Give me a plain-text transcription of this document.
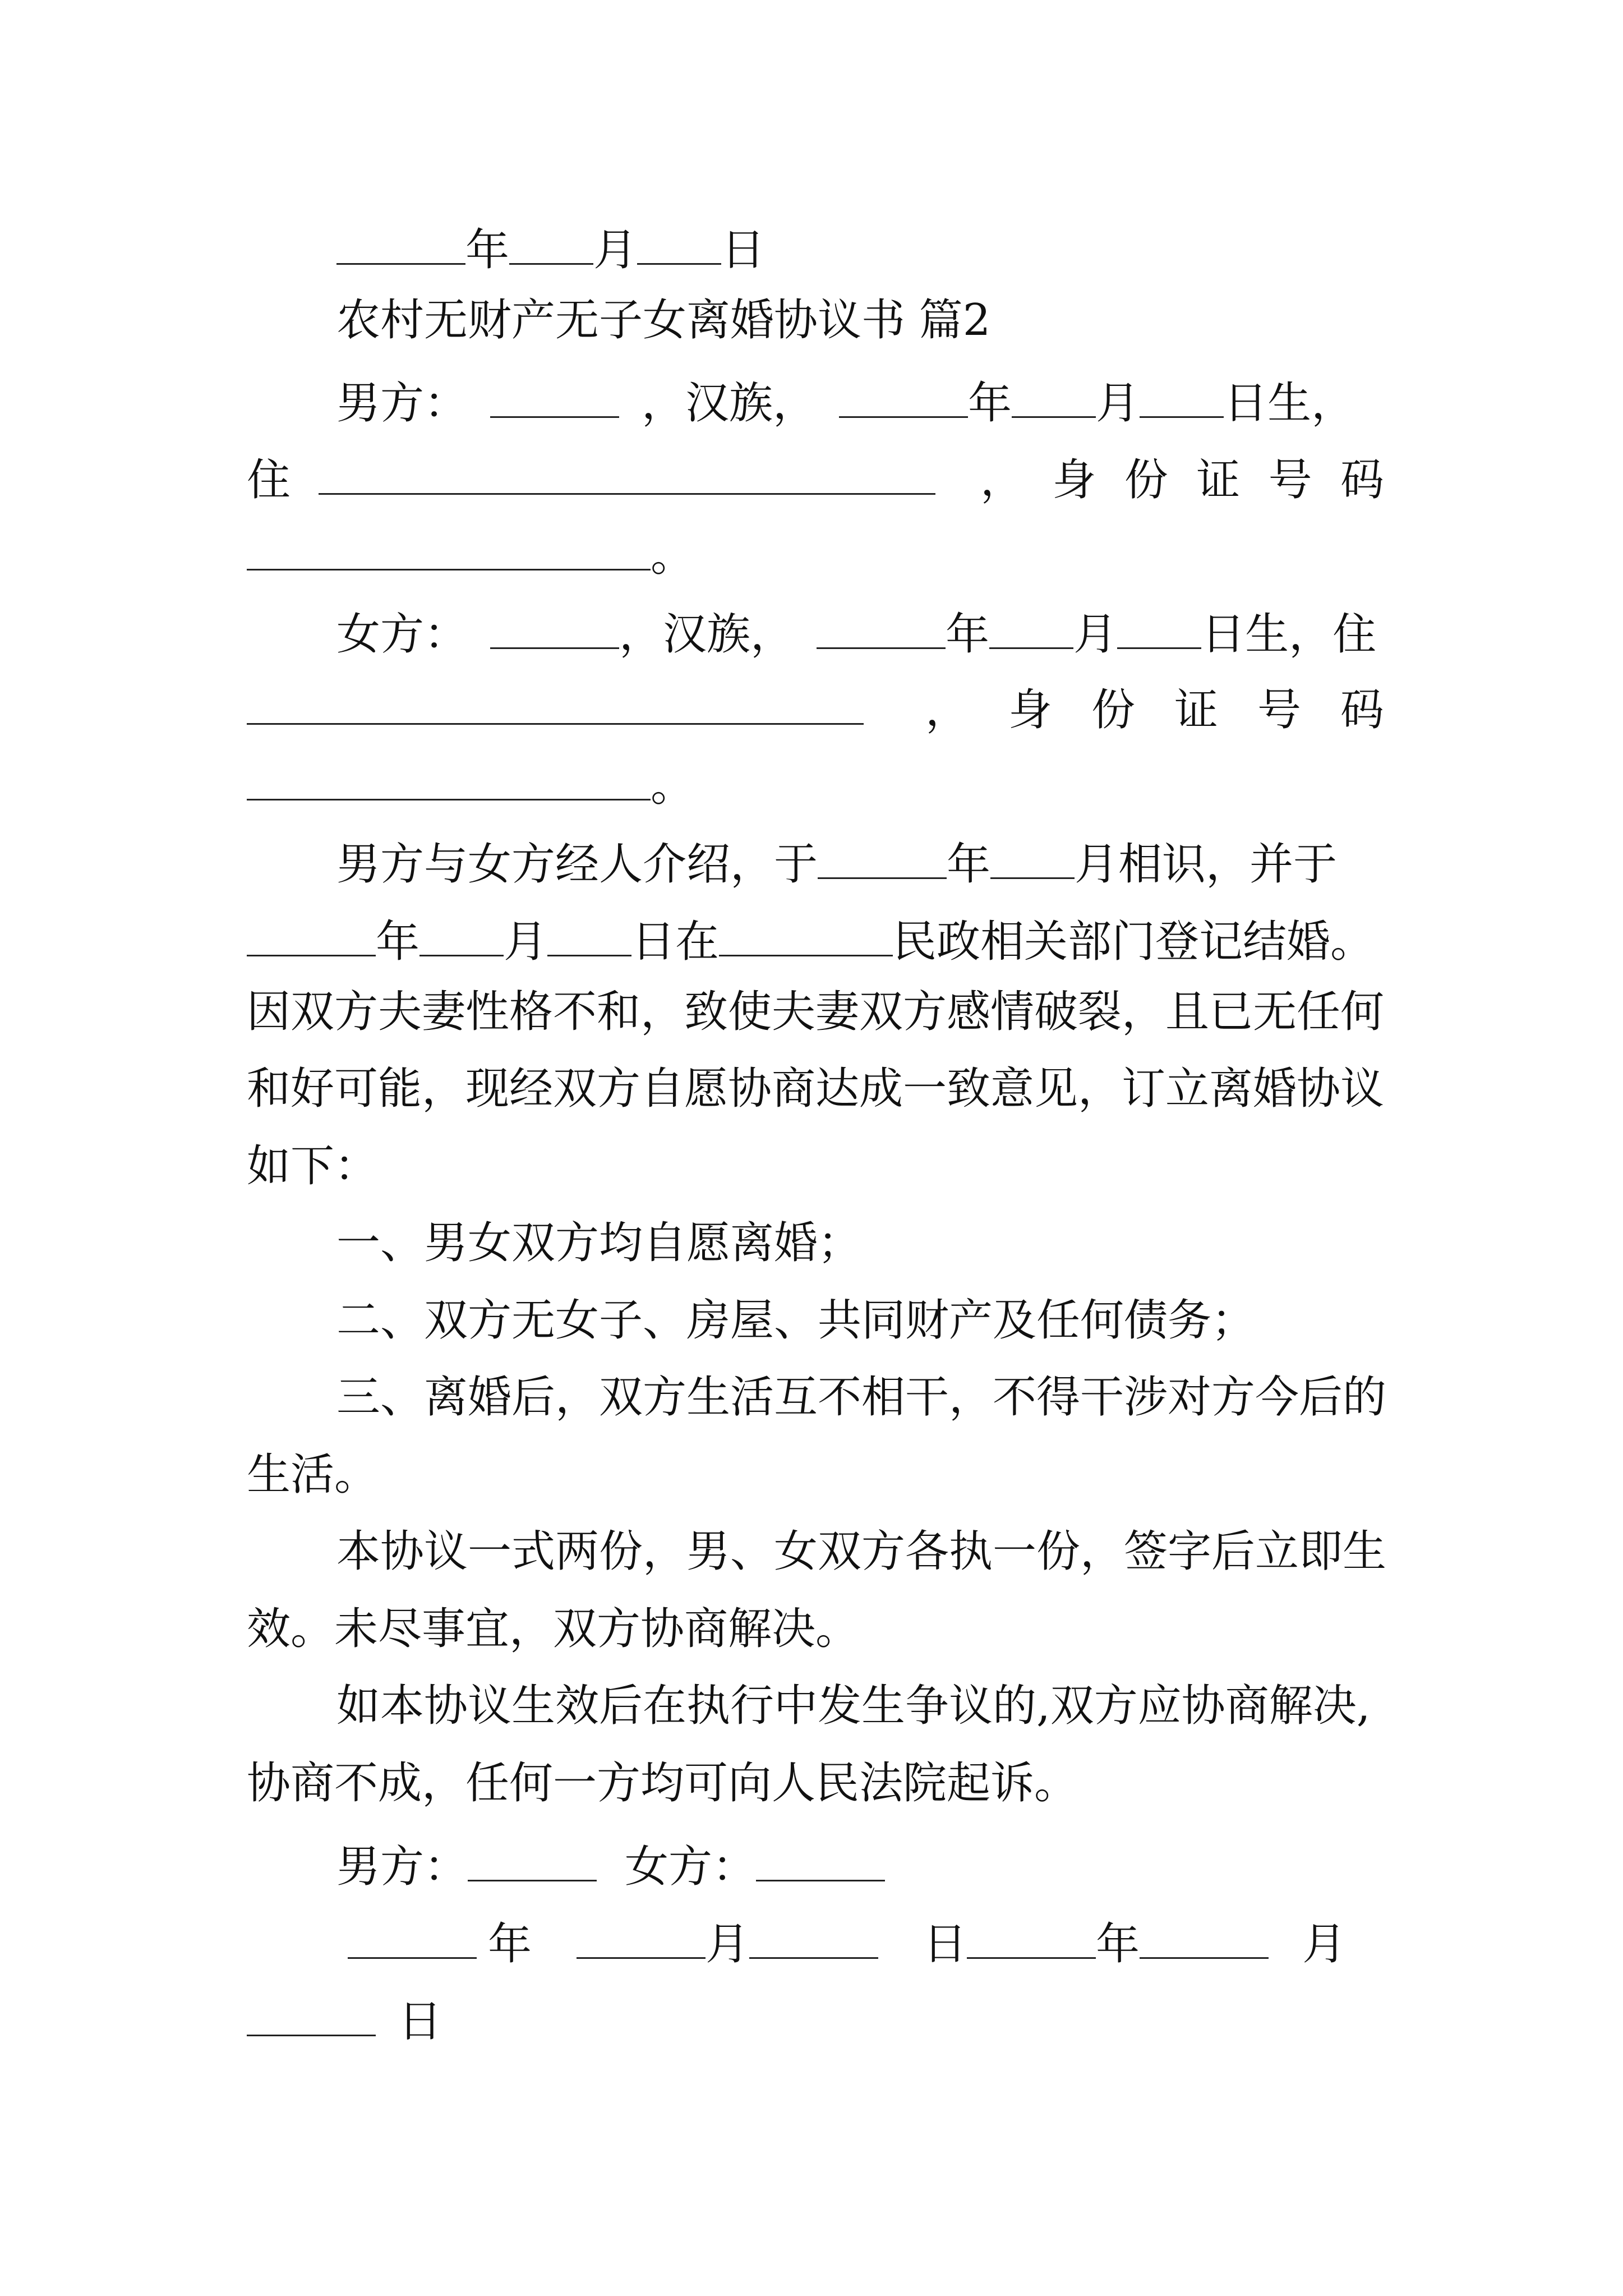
年 月 日
农村无财产无子女离婚协议书 篇2
男方：	，汉族，	年 月 日生，
住	， 身 份 证 号 码
。
女方：	，汉族，	年 月 日生，住
， 身 份 证 号 码
。
男方与女方经人介绍，于	年 月相识，并于
年 月 日在	民政相关部门登记结婚。
因双方夫妻性格不和，致使夫妻双方感情破裂，且已无任何
和好可能，现经双方自愿协商达成一致意见，订立离婚协议
如下：
一、男女双方均自愿离婚；
二、双方无女子、房屋、共同财产及任何债务；
三、离婚后，双方生活互不相干，不得干涉对方今后的
生活。
本协议一式两份，男、女双方各执一份，签字后立即生
效。未尽事宜，双方协商解决。
如本协议生效后在执行中发生争议的,双方应协商解决,
协商不成，任何一方均可向人民法院起诉。
男方：	女方：
年	月	日	年	月
日
